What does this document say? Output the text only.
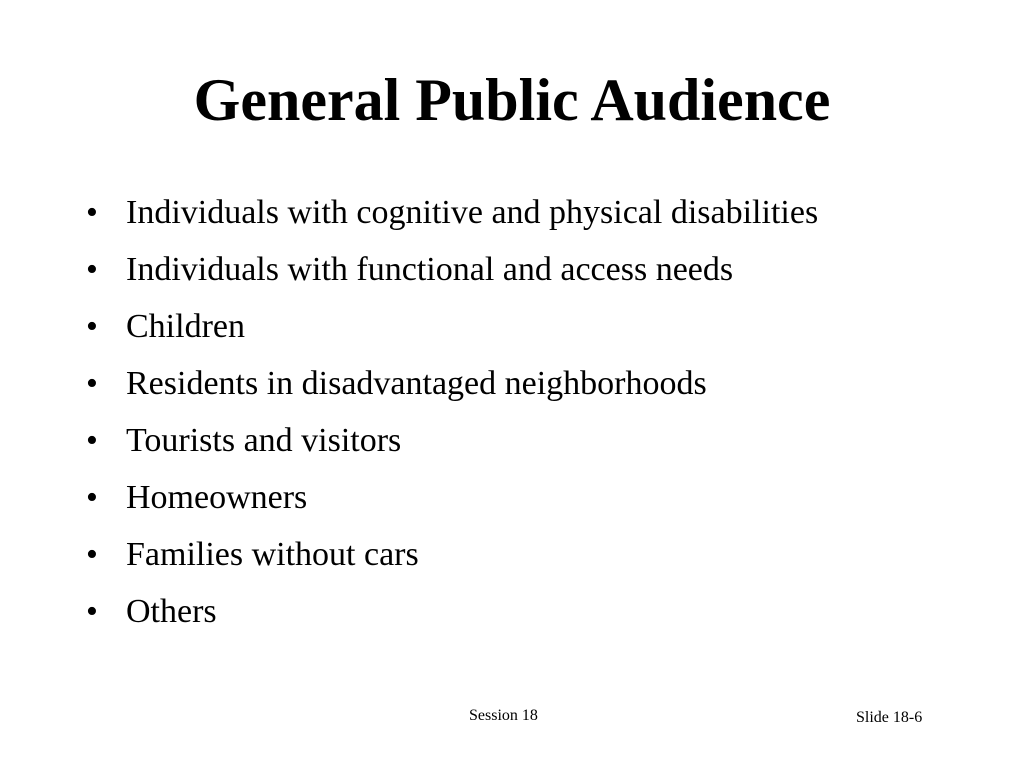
General Public Audience
• Individuals with cognitive and physical disabilities
• Individuals with functional and access needs
• Children
• Residents in disadvantaged neighborhoods
• Tourists and visitors
• Homeowners
• Families without cars
• Others
Session 18	Slide 18-6
